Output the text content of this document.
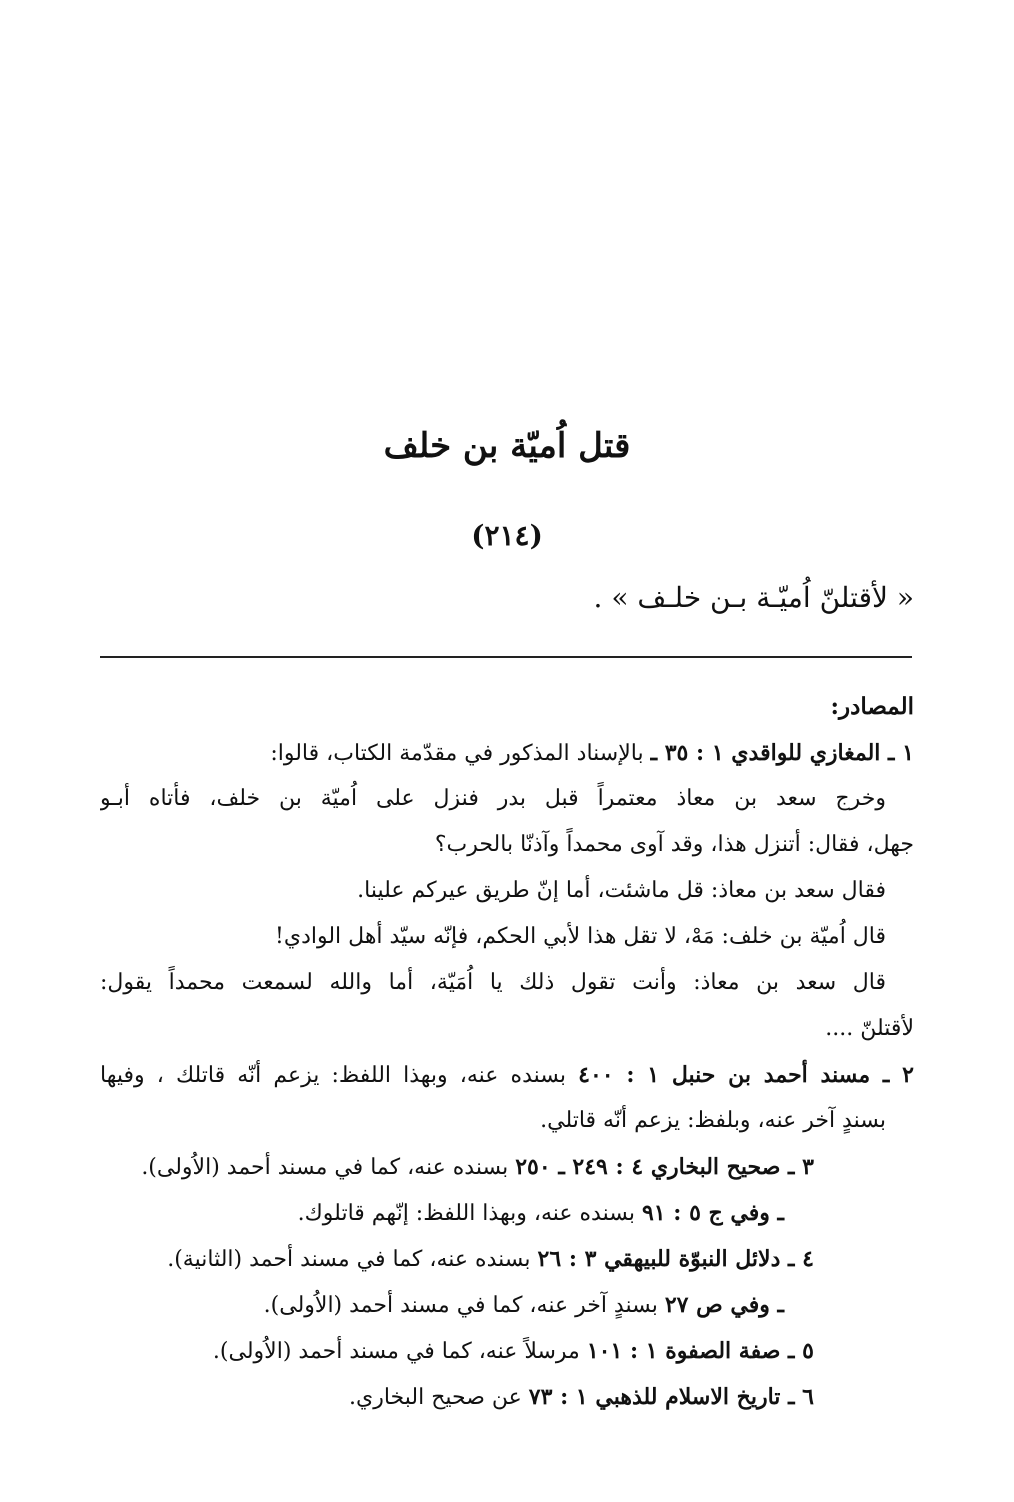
قتل اُميّة بن خلف
(٢١٤)
« لأقتلنّ اُميّـة بـن خلـف » .
المصادر:
١ ـ المغازي للواقدي ١ : ٣٥ ـ بالإسناد المذكور في مقدّمة الكتاب، قالوا:
وخرج سعد بن معاذ معتمراً قبل بدر فنزل على اُميّة بن خلف، فأتاه أبـو
جهل، فقال: أتنزل هذا، وقد آوى محمداً وآذنّا بالحرب؟
فقال سعد بن معاذ: قل ماشئت، أما إنّ طريق عيركم علينا.
قال اُميّة بن خلف: مَهْ، لا تقل هذا لأبي الحكم، فإنّه سيّد أهل الوادي!
قال سعد بن معاذ: وأنت تقول ذلك يا اُمَيّة، أما والله لسمعت محمداً يقول:
لأقتلنّ ....
٢ ـ مسند أحمد بن حنبل ١ : ٤٠٠ بسنده عنه، وبهذا اللفظ: يزعم أنّه قاتلك ، وفيها
بسندٍ آخر عنه، وبلفظ: يزعم أنّه قاتلي.
٣ ـ صحيح البخاري ٤ : ٢٤٩ ـ ٢٥٠ بسنده عنه، كما في مسند أحمد (الاُولى).
ـ وفي ج ٥ : ٩١ بسنده عنه، وبهذا اللفظ: إنّهم قاتلوك.
٤ ـ دلائل النبوّة للبيهقي ٣ : ٢٦ بسنده عنه، كما في مسند أحمد (الثانية).
ـ وفي ص ٢٧ بسندٍ آخر عنه، كما في مسند أحمد (الاُولى).
٥ ـ صفة الصفوة ١ : ١٠١ مرسلاً عنه، كما في مسند أحمد (الاُولى).
٦ ـ تاريخ الاسلام للذهبي ١ : ٧٣ عن صحيح البخاري.
